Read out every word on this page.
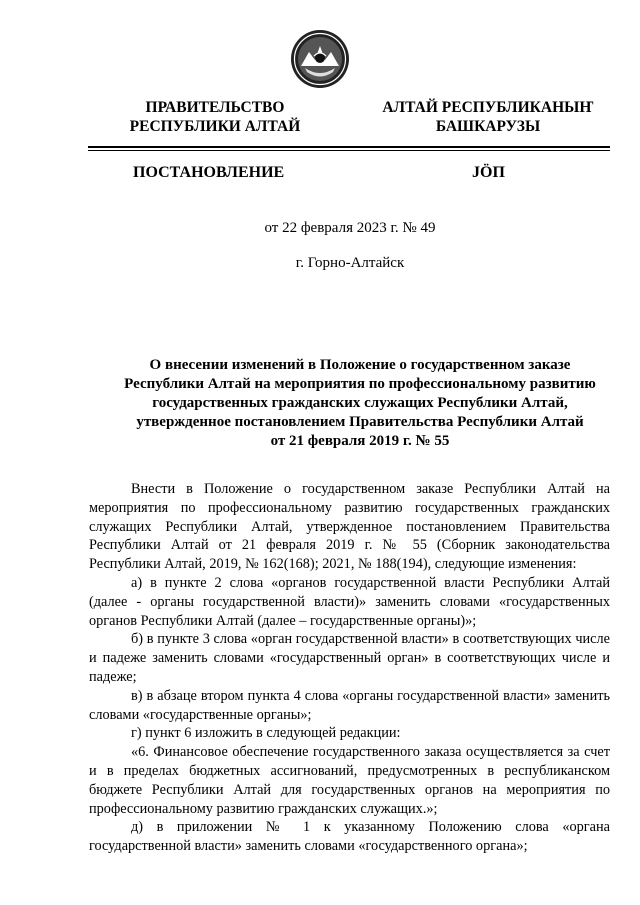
ПРАВИТЕЛЬСТВО
РЕСПУБЛИКИ АЛТАЙ
АЛТАЙ РЕСПУБЛИКАНЫҤ
БАШКАРУЗЫ
ПОСТАНОВЛЕНИЕ	JÖП
от 22 февраля 2023 г. № 49
г. Горно-Алтайск
О внесении изменений в Положение о государственном заказе
Республики Алтай на мероприятия по профессиональному развитию
государственных гражданских служащих Республики Алтай,
утвержденное постановлением Правительства Республики Алтай
от 21 февраля 2019 г. № 55

Внести в Положение о государственном заказе Республики Алтай на мероприятия по профессиональному развитию государственных гражданских служащих Республики Алтай, утвержденное постановлением Правительства Республики Алтай от 21 февраля 2019 г. № 55 (Сборник законодательства Республики Алтай, 2019, № 162(168); 2021, № 188(194), следующие изменения:

а) в пункте 2 слова «органов государственной власти Республики Алтай (далее - органы государственной власти)» заменить словами «государственных органов Республики Алтай (далее – государственные органы)»;

б) в пункте 3 слова «орган государственной власти» в соответствующих числе и падеже заменить словами «государственный орган» в соответствующих числе и падеже;

в) в абзаце втором пункта 4 слова «органы государственной власти» заменить словами «государственные органы»;

г) пункт 6 изложить в следующей редакции:

«6. Финансовое обеспечение государственного заказа осуществляется за счет и в пределах бюджетных ассигнований, предусмотренных в республиканском бюджете Республики Алтай для государственных органов на мероприятия по профессиональному развитию гражданских служащих.»;

д) в приложении № 1 к указанному Положению слова «органа государственной власти» заменить словами «государственного органа»;
